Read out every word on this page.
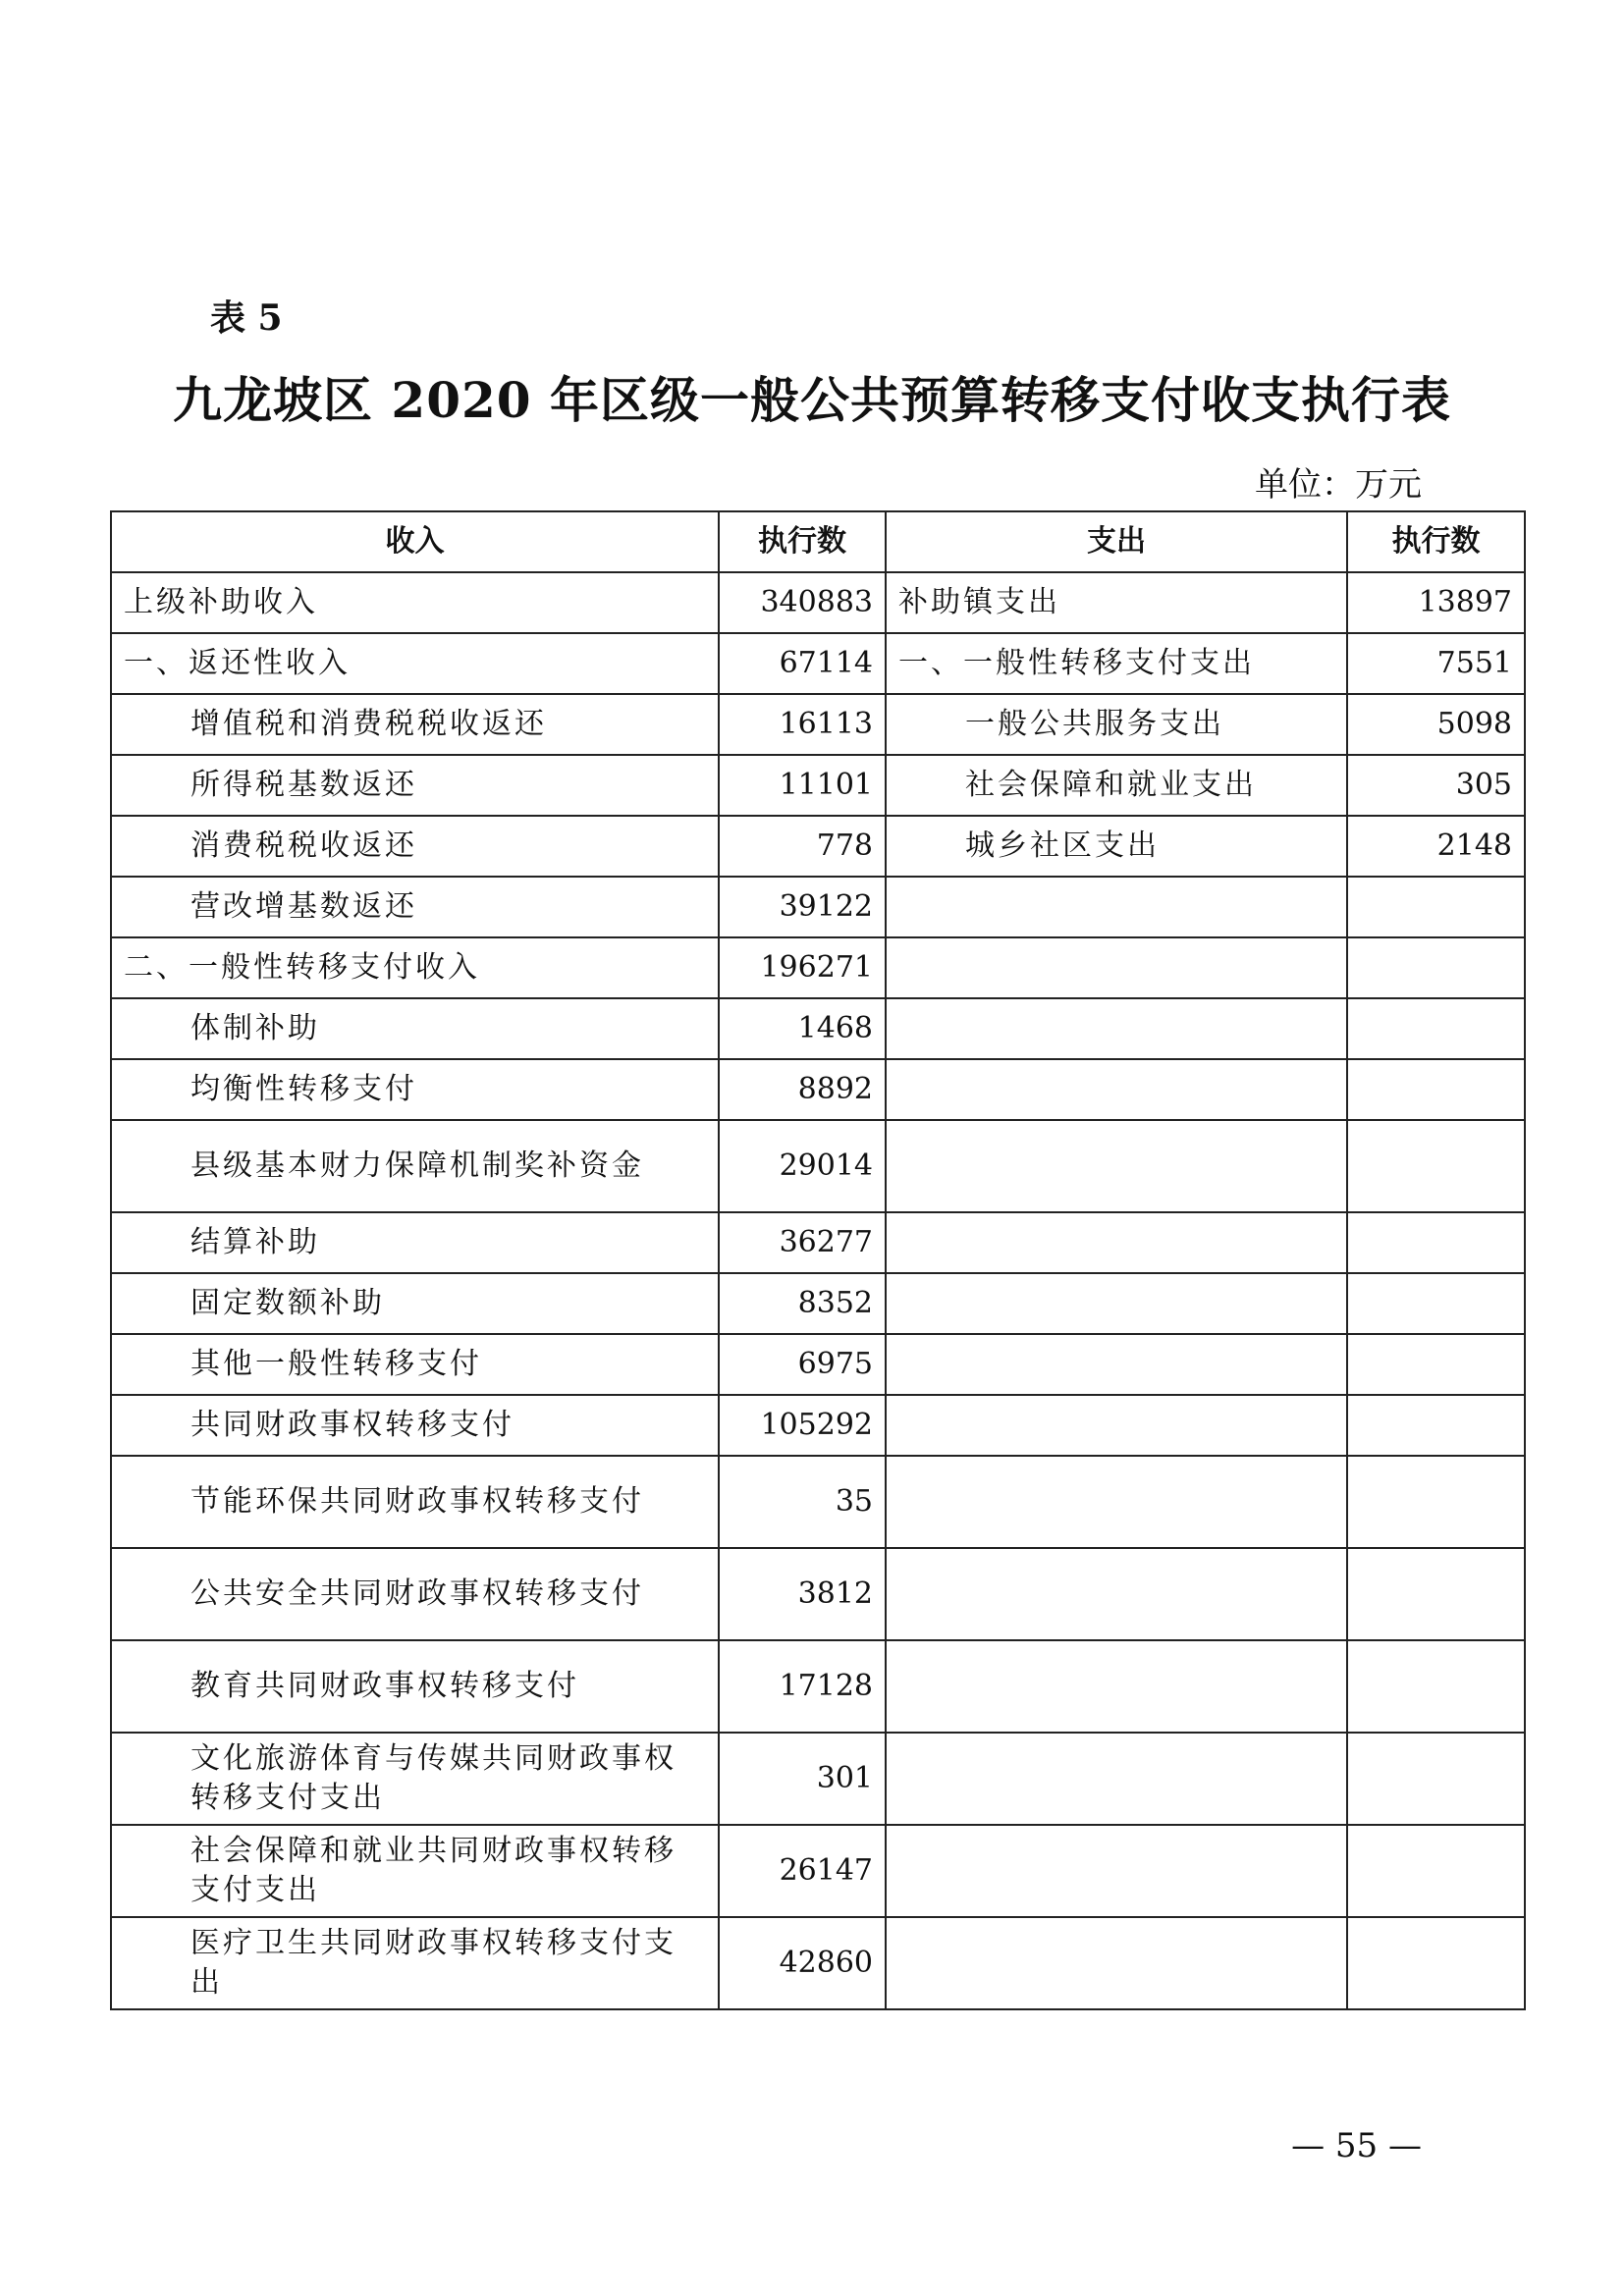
表 5
九龙坡区 2020 年区级一般公共预算转移支付收支执行表
单位：万元
收入	执行数	支出	执行数
上级补助收入	340883	补助镇支出	13897
一、返还性收入	67114	一、一般性转移支付支出	7551
增值税和消费税税收返还	16113	一般公共服务支出	5098
所得税基数返还	11101	社会保障和就业支出	305
消费税税收返还	778	城乡社区支出	2148
营改增基数返还	39122		
二、一般性转移支付收入	196271		
体制补助	1468		
均衡性转移支付	8892		
县级基本财力保障机制奖补资金	29014		
结算补助	36277		
固定数额补助	8352		
其他一般性转移支付	6975		
共同财政事权转移支付	105292		
节能环保共同财政事权转移支付	35		
公共安全共同财政事权转移支付	3812		
教育共同财政事权转移支付	17128		
文化旅游体育与传媒共同财政事权转移支付支出	301		
社会保障和就业共同财政事权转移支付支出	26147		
医疗卫生共同财政事权转移支付支出	42860		
— 55 —
